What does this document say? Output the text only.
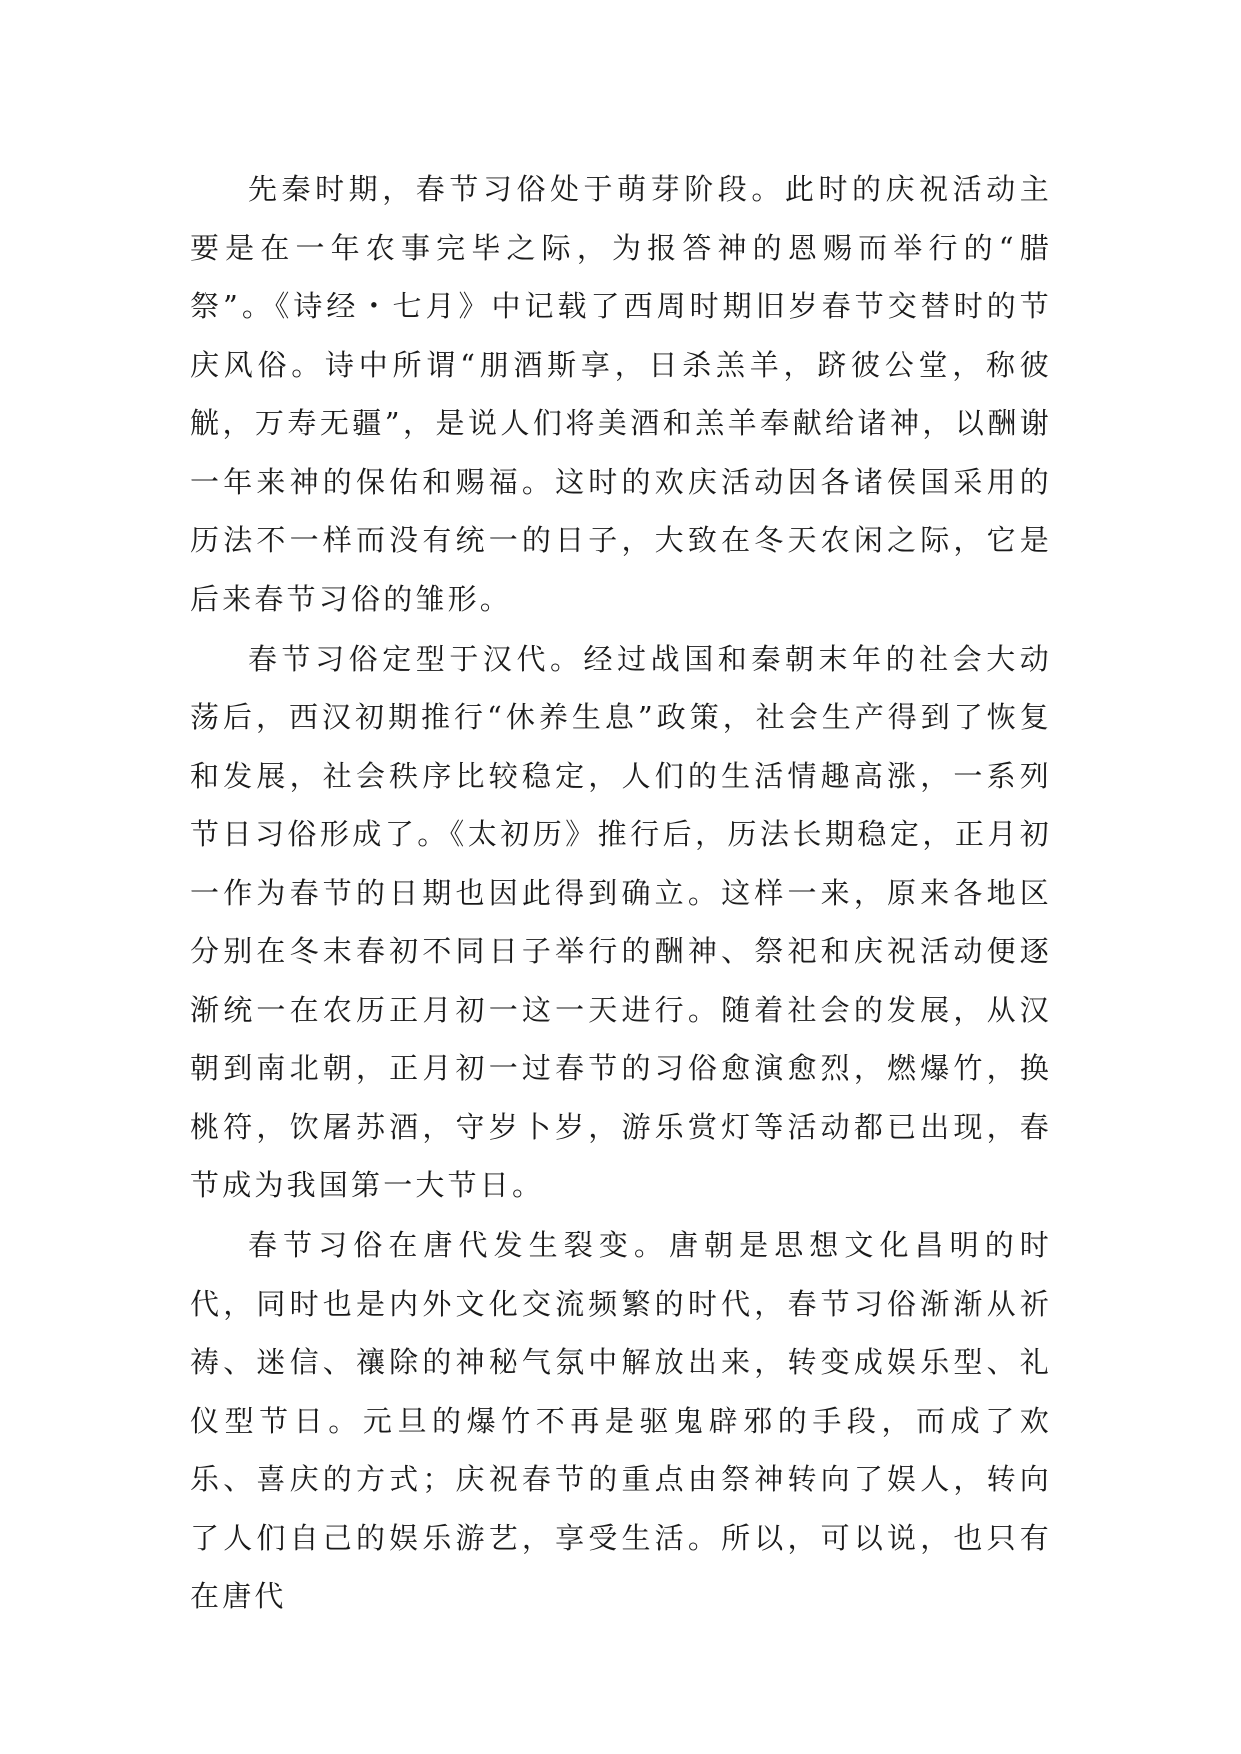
先秦时期，春节习俗处于萌芽阶段。此时的庆祝活动主要是在一年农事完毕之际，为报答神的恩赐而举行的“腊祭”。《诗经・七月》中记载了西周时期旧岁春节交替时的节庆风俗。诗中所谓“朋酒斯享，日杀羔羊，跻彼公堂，称彼觥，万寿无疆”，是说人们将美酒和羔羊奉献给诸神，以酬谢一年来神的保佑和赐福。这时的欢庆活动因各诸侯国采用的历法不一样而没有统一的日子，大致在冬天农闲之际，它是后来春节习俗的雏形。

春节习俗定型于汉代。经过战国和秦朝末年的社会大动荡后，西汉初期推行“休养生息”政策，社会生产得到了恢复和发展，社会秩序比较稳定，人们的生活情趣高涨，一系列节日习俗形成了。《太初历》推行后，历法长期稳定，正月初一作为春节的日期也因此得到确立。这样一来，原来各地区分别在冬末春初不同日子举行的酬神、祭祀和庆祝活动便逐渐统一在农历正月初一这一天进行。随着社会的发展，从汉朝到南北朝，正月初一过春节的习俗愈演愈烈，燃爆竹，换桃符，饮屠苏酒，守岁卜岁，游乐赏灯等活动都已出现，春节成为我国第一大节日。

春节习俗在唐代发生裂变。唐朝是思想文化昌明的时代，同时也是内外文化交流频繁的时代，春节习俗渐渐从祈祷、迷信、禳除的神秘气氛中解放出来，转变成娱乐型、礼仪型节日。元旦的爆竹不再是驱鬼辟邪的手段，而成了欢乐、喜庆的方式；庆祝春节的重点由祭神转向了娱人，转向了人们自己的娱乐游艺，享受生活。所以，可以说，也只有在唐代
